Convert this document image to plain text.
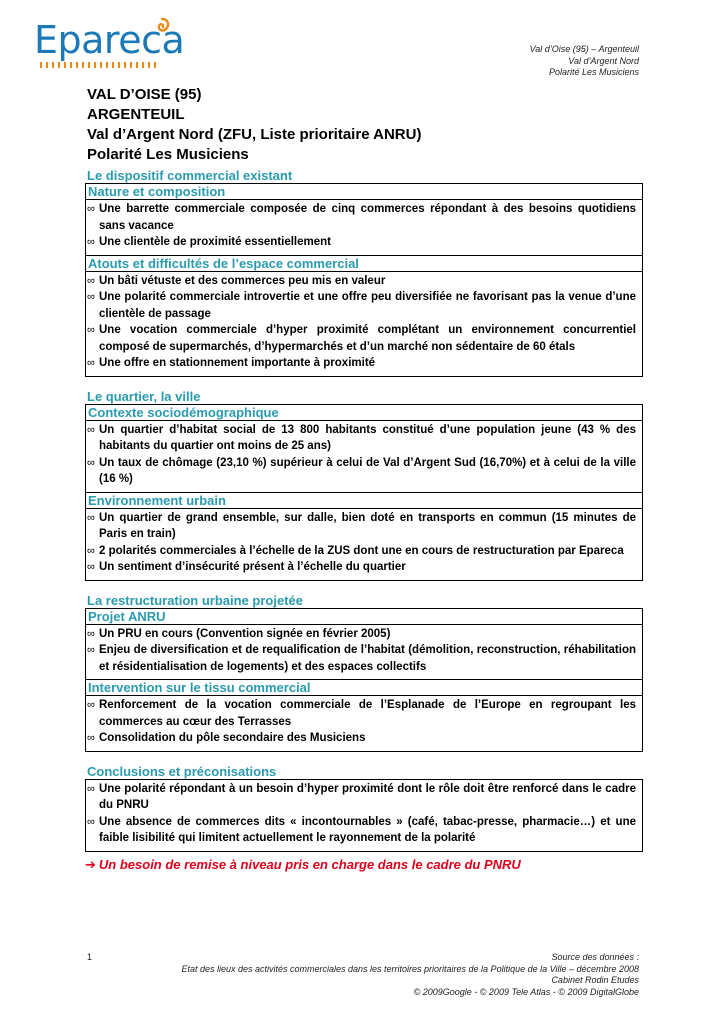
Epareca	Val d’Oise (95) – Argenteuil
Val d’Argent Nord
Polarité Les Musiciens
VAL D’OISE (95)
ARGENTEUIL
Val d’Argent Nord (ZFU, Liste prioritaire ANRU)
Polarité Les Musiciens
Le dispositif commercial existant
Nature et composition
∞ Une barrette commerciale composée de cinq commerces répondant à des besoins quotidiens sans vacance
∞ Une clientèle de proximité essentiellement
Atouts et difficultés de l’espace commercial
∞ Un bâti vétuste et des commerces peu mis en valeur
∞ Une polarité commerciale introvertie et une offre peu diversifiée ne favorisant pas la venue d’une clientèle de passage
∞ Une vocation commerciale d’hyper proximité complétant un environnement concurrentiel composé de supermarchés, d’hypermarchés et d’un marché non sédentaire de 60 étals
∞ Une offre en stationnement importante à proximité
Le quartier, la ville
Contexte sociodémographique
∞ Un quartier d’habitat social de 13 800 habitants constitué d’une population jeune (43 % des habitants du quartier ont moins de 25 ans)
∞ Un taux de chômage (23,10 %) supérieur à celui de Val d’Argent Sud (16,70%) et à celui de la ville (16 %)
Environnement urbain
∞ Un quartier de grand ensemble, sur dalle, bien doté en transports en commun (15 minutes de Paris en train)
∞ 2 polarités commerciales à l’échelle de la ZUS dont une en cours de restructuration par Epareca
∞ Un sentiment d’insécurité présent à l’échelle du quartier
La restructuration urbaine projetée
Projet ANRU
∞ Un PRU en cours (Convention signée en février 2005)
∞ Enjeu de diversification et de requalification de l’habitat (démolition, reconstruction, réhabilitation et résidentialisation de logements) et des espaces collectifs
Intervention sur le tissu commercial
∞ Renforcement de la vocation commerciale de l’Esplanade de l’Europe en regroupant les commerces au cœur des Terrasses
∞ Consolidation du pôle secondaire des Musiciens
Conclusions et préconisations
∞ Une polarité répondant à un besoin d’hyper proximité dont le rôle doit être renforcé dans le cadre du PNRU
∞ Une absence de commerces dits « incontournables » (café, tabac-presse, pharmacie…) et une faible lisibilité qui limitent actuellement le rayonnement de la polarité
➔ Un besoin de remise à niveau pris en charge dans le cadre du PNRU
1	Source des données :
Etat des lieux des activités commerciales dans les territoires prioritaires de la Politique de la Ville – décembre 2008
Cabinet Rodin Etudes
© 2009Google - © 2009 Tele Atlas - © 2009 DigitalGlobe
